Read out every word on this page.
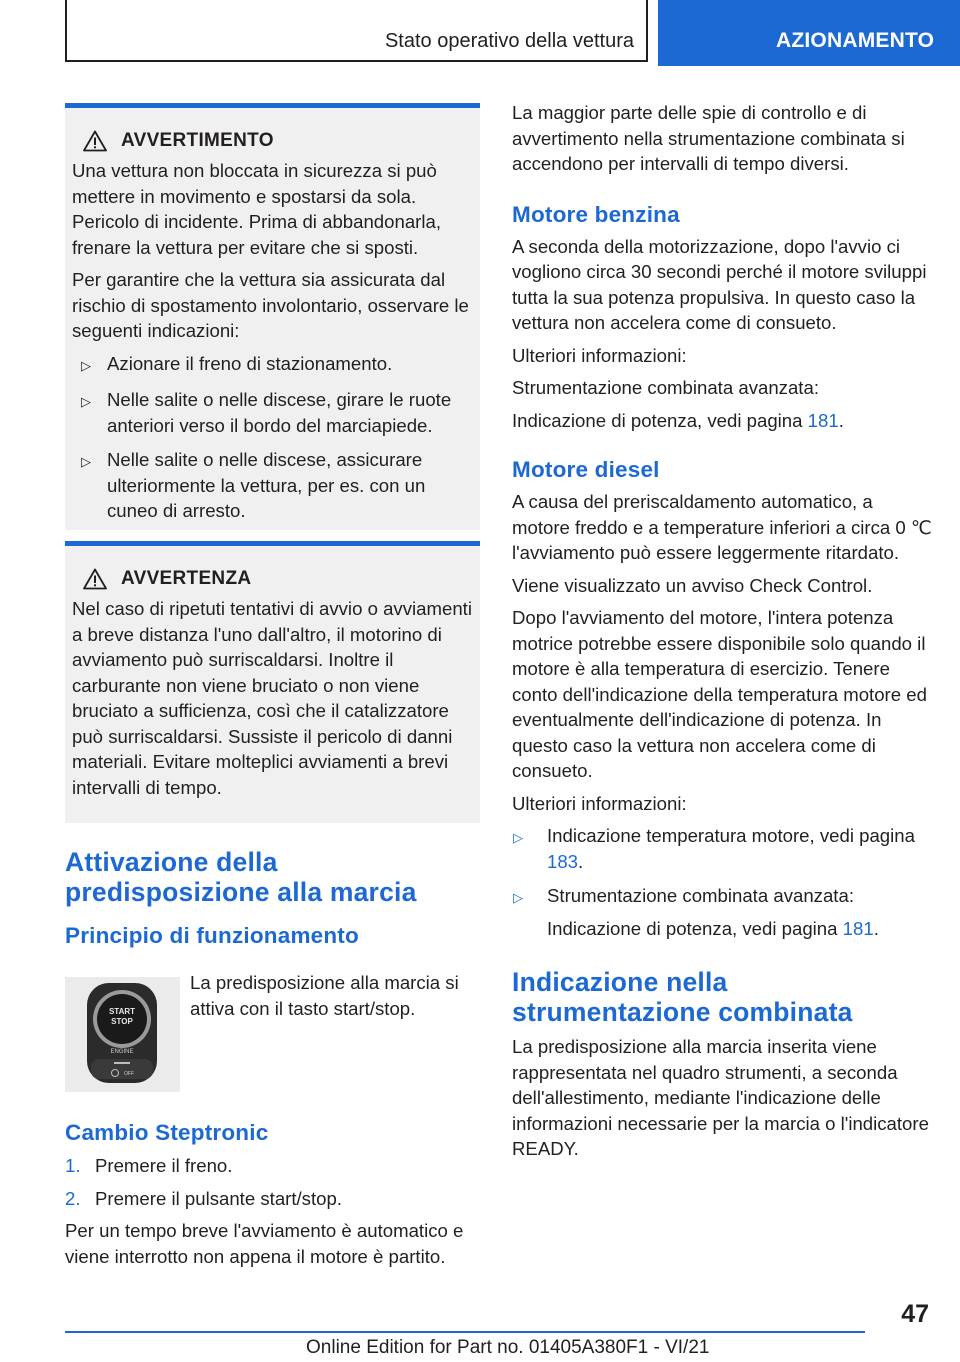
Stato operativo della vettura	AZIONAMENTO
AVVERTIMENTO
Una vettura non bloccata in sicurezza si può mettere in movimento e spostarsi da sola. Pericolo di incidente. Prima di abbandonarla, frenare la vettura per evitare che si sposti.
Per garantire che la vettura sia assicurata dal rischio di spostamento involontario, osservare le seguenti indicazioni:
▷ Azionare il freno di stazionamento.
▷ Nelle salite o nelle discese, girare le ruote anteriori verso il bordo del marciapiede.
▷ Nelle salite o nelle discese, assicurare ulteriormente la vettura, per es. con un cuneo di arresto.
AVVERTENZA
Nel caso di ripetuti tentativi di avvio o avviamenti a breve distanza l'uno dall'altro, il motorino di avviamento può surriscaldarsi. Inoltre il carburante non viene bruciato o non viene bruciato a sufficienza, così che il catalizzatore può surriscaldarsi. Sussiste il pericolo di danni materiali. Evitare molteplici avviamenti a brevi intervalli di tempo.
Attivazione della predisposizione alla marcia
Principio di funzionamento
START
STOP
ENGINE
OFF
La predisposizione alla marcia si attiva con il tasto start/stop.
Cambio Steptronic
1. Premere il freno.
2. Premere il pulsante start/stop.
Per un tempo breve l'avviamento è automatico e viene interrotto non appena il motore è partito.
La maggior parte delle spie di controllo e di avvertimento nella strumentazione combinata si accendono per intervalli di tempo diversi.
Motore benzina
A seconda della motorizzazione, dopo l'avvio ci vogliono circa 30 secondi perché il motore sviluppi tutta la sua potenza propulsiva. In questo caso la vettura non accelera come di consueto.
Ulteriori informazioni:
Strumentazione combinata avanzata:
Indicazione di potenza, vedi pagina 181.
Motore diesel
A causa del preriscaldamento automatico, a motore freddo e a temperature inferiori a circa 0 ℃ l'avviamento può essere leggermente ritardato.
Viene visualizzato un avviso Check Control.
Dopo l'avviamento del motore, l'intera potenza motrice potrebbe essere disponibile solo quando il motore è alla temperatura di esercizio. Tenere conto dell'indicazione della temperatura motore ed eventualmente dell'indicazione di potenza. In questo caso la vettura non accelera come di consueto.
Ulteriori informazioni:
▷	Indicazione temperatura motore, vedi pagina 183.
▷	Strumentazione combinata avanzata:
Indicazione di potenza, vedi pagina 181.
Indicazione nella strumentazione combinata
La predisposizione alla marcia inserita viene rappresentata nel quadro strumenti, a seconda dell'allestimento, mediante l'indicazione delle informazioni necessarie per la marcia o l'indicatore READY.
47
Online Edition for Part no. 01405A380F1 - VI/21
